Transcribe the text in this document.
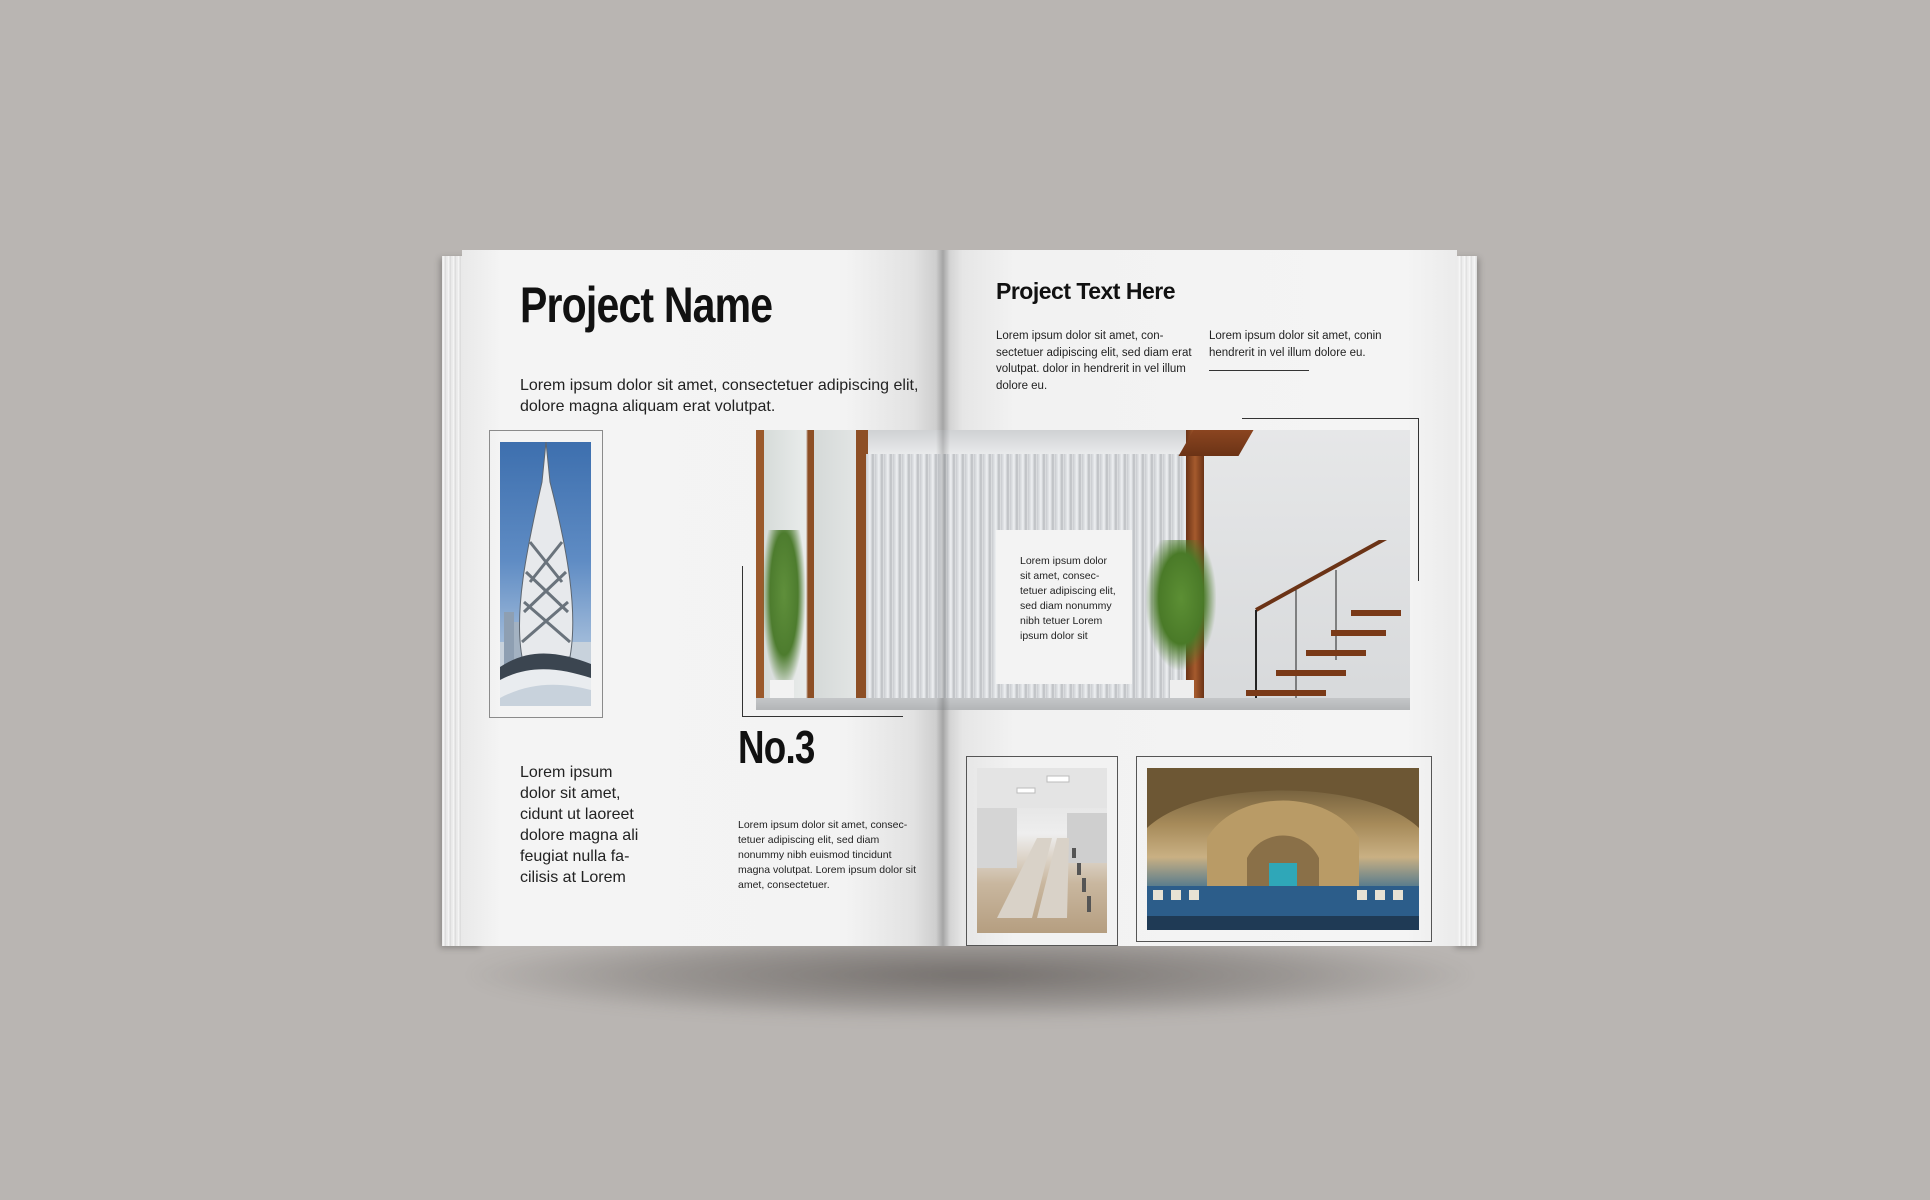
Project Name
Lorem ipsum dolor sit amet, consectetuer adipiscing elit, dolore magna aliquam erat volutpat.
Lorem ipsum dolor sit amet, cidunt ut laoreet dolore magna ali feugiat nulla fa-cilisis at Lorem
No.3
Lorem ipsum dolor sit amet, consec-tetuer adipiscing elit, sed diam nonummy nibh euismod tincidunt magna volutpat. Lorem ipsum dolor sit amet, consectetuer.

Lorem ipsum dolor sit amet, consec-tetuer adipiscing elit, sed diam nonummy nibh tetuer Lorem ipsum dolor sit

Project Text Here
Lorem ipsum dolor sit amet, con-sectetuer adipiscing elit, sed diam erat volutpat. dolor in hendrerit in vel illum dolore eu.
Lorem ipsum dolor sit amet, conin hendrerit in vel illum dolore eu.
